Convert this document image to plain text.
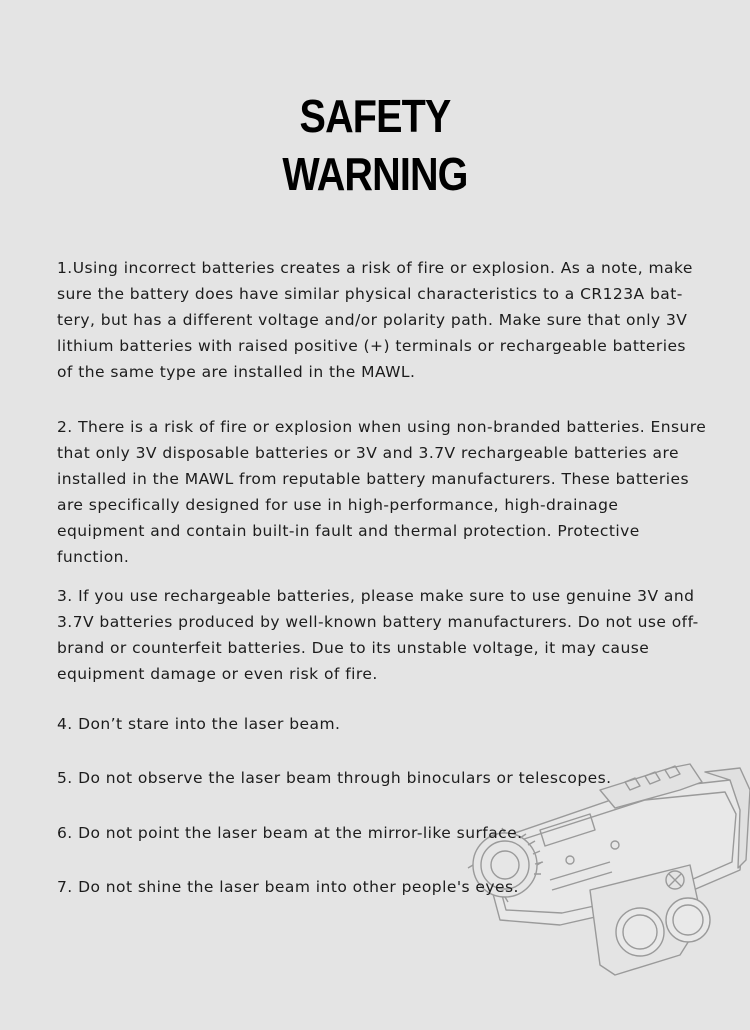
SAFETY
WARNING

1.Using incorrect batteries creates a risk of fire or explosion. As a note, make sure the battery does have similar physical characteristics to a CR123A bat-tery, but has a different voltage and/or polarity path. Make sure that only 3V lithium batteries with raised positive (+) terminals or rechargeable batteries of the same type are installed in the MAWL.

2. There is a risk of fire or explosion when using non-branded batteries. Ensure that only 3V disposable batteries or 3V and 3.7V rechargeable batteries are installed in the MAWL from reputable battery manufacturers. These batteries are specifically designed for use in high-performance, high-drainage equipment and contain built-in fault and thermal protection. Protective function.

3. If you use rechargeable batteries, please make sure to use genuine 3V and 3.7V batteries produced by well-known battery manufacturers. Do not use off-brand or counterfeit batteries. Due to its unstable voltage, it may cause equipment damage or even risk of fire.

4. Don’t stare into the laser beam.

5. Do not observe the laser beam through binoculars or telescopes.

6. Do not point the laser beam at the mirror-like surface.

7. Do not shine the laser beam into other people's eyes.
